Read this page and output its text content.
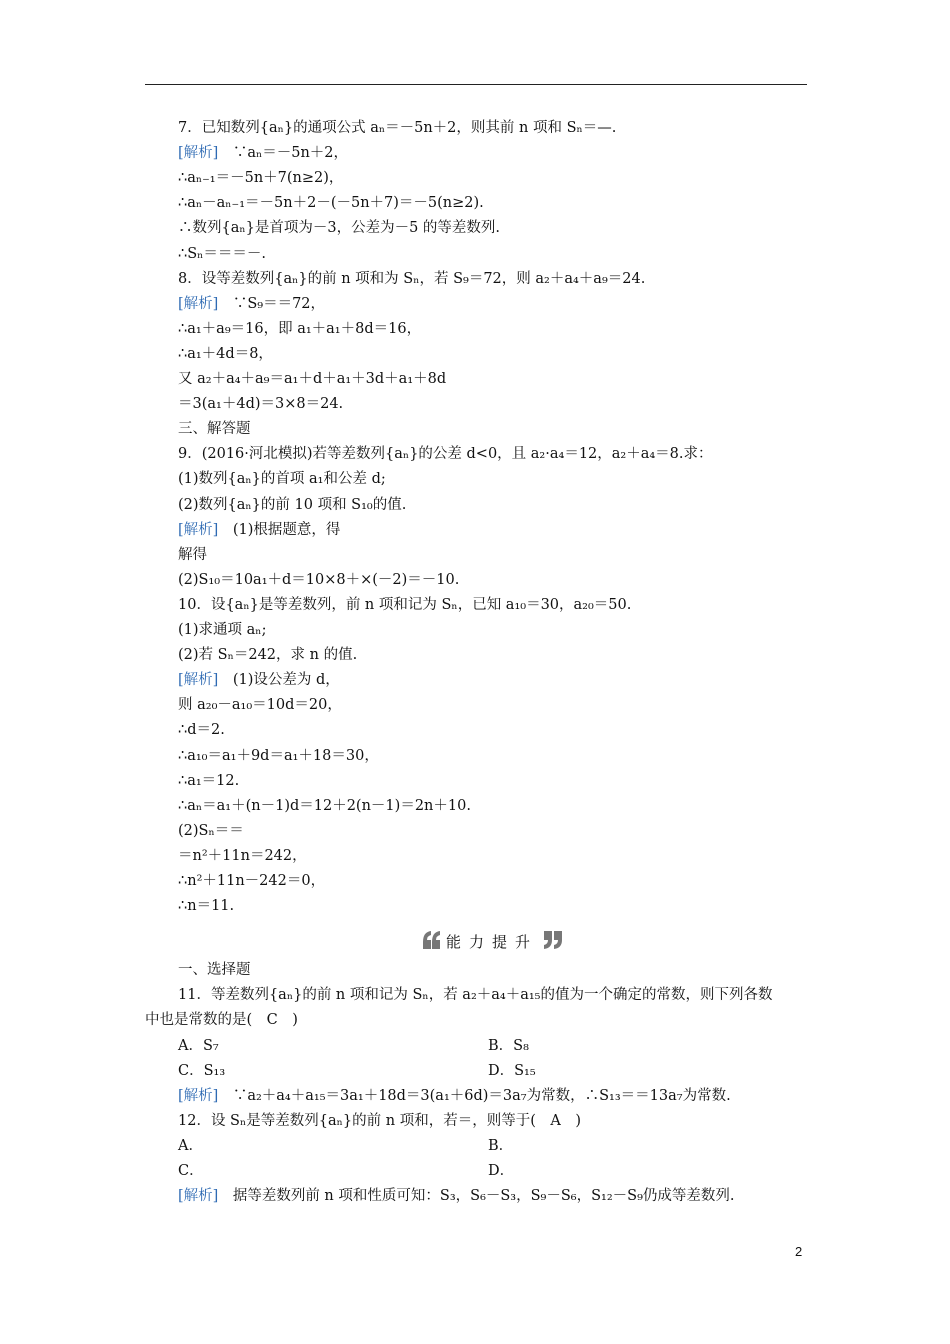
7．已知数列{aₙ}的通项公式 aₙ＝－5n＋2，则其前 n 项和 Sₙ＝—.
[解析]　∵aₙ＝－5n＋2，
∴aₙ₋₁＝－5n＋7(n≥2)，
∴aₙ－aₙ₋₁＝－5n＋2－(－5n＋7)＝－5(n≥2).
∴数列{aₙ}是首项为－3，公差为－5 的等差数列.
∴Sₙ＝＝＝－.
8．设等差数列{aₙ}的前 n 项和为 Sₙ，若 S₉＝72，则 a₂＋a₄＋a₉＝24.
[解析]　∵S₉＝＝72，
∴a₁＋a₉＝16，即 a₁＋a₁＋8d＝16，
∴a₁＋4d＝8，
又 a₂＋a₄＋a₉＝a₁＋d＋a₁＋3d＋a₁＋8d
＝3(a₁＋4d)＝3×8＝24.
三、解答题
9．(2016·河北模拟)若等差数列{aₙ}的公差 d<0，且 a₂·a₄＝12，a₂＋a₄＝8.求：
(1)数列{aₙ}的首项 a₁和公差 d;
(2)数列{aₙ}的前 10 项和 S₁₀的值.
[解析]　(1)根据题意，得
解得
(2)S₁₀＝10a₁＋d＝10×8＋×(－2)＝－10.
10．设{aₙ}是等差数列，前 n 项和记为 Sₙ，已知 a₁₀＝30，a₂₀＝50.
(1)求通项 aₙ;
(2)若 Sₙ＝242，求 n 的值.
[解析]　(1)设公差为 d，
则 a₂₀－a₁₀＝10d＝20，
∴d＝2.
∴a₁₀＝a₁＋9d＝a₁＋18＝30，
∴a₁＝12.
∴aₙ＝a₁＋(n－1)d＝12＋2(n－1)＝2n＋10.
(2)Sₙ＝＝
＝n²＋11n＝242，
∴n²＋11n－242＝0，
∴n＝11.
能力提升
一、选择题
11．等差数列{aₙ}的前 n 项和记为 Sₙ，若 a₂＋a₄＋a₁₅的值为一个确定的常数，则下列各数
中也是常数的是(　C　)
A．S₇	B．S₈
C．S₁₃	D．S₁₅
[解析]　∵a₂＋a₄＋a₁₅＝3a₁＋18d＝3(a₁＋6d)＝3a₇为常数，∴S₁₃＝＝13a₇为常数.
12．设 Sₙ是等差数列{aₙ}的前 n 项和，若＝，则等于(　A　)
A．	B．
C．	D．
[解析]　据等差数列前 n 项和性质可知：S₃，S₆－S₃，S₉－S₆，S₁₂－S₉仍成等差数列.
2
